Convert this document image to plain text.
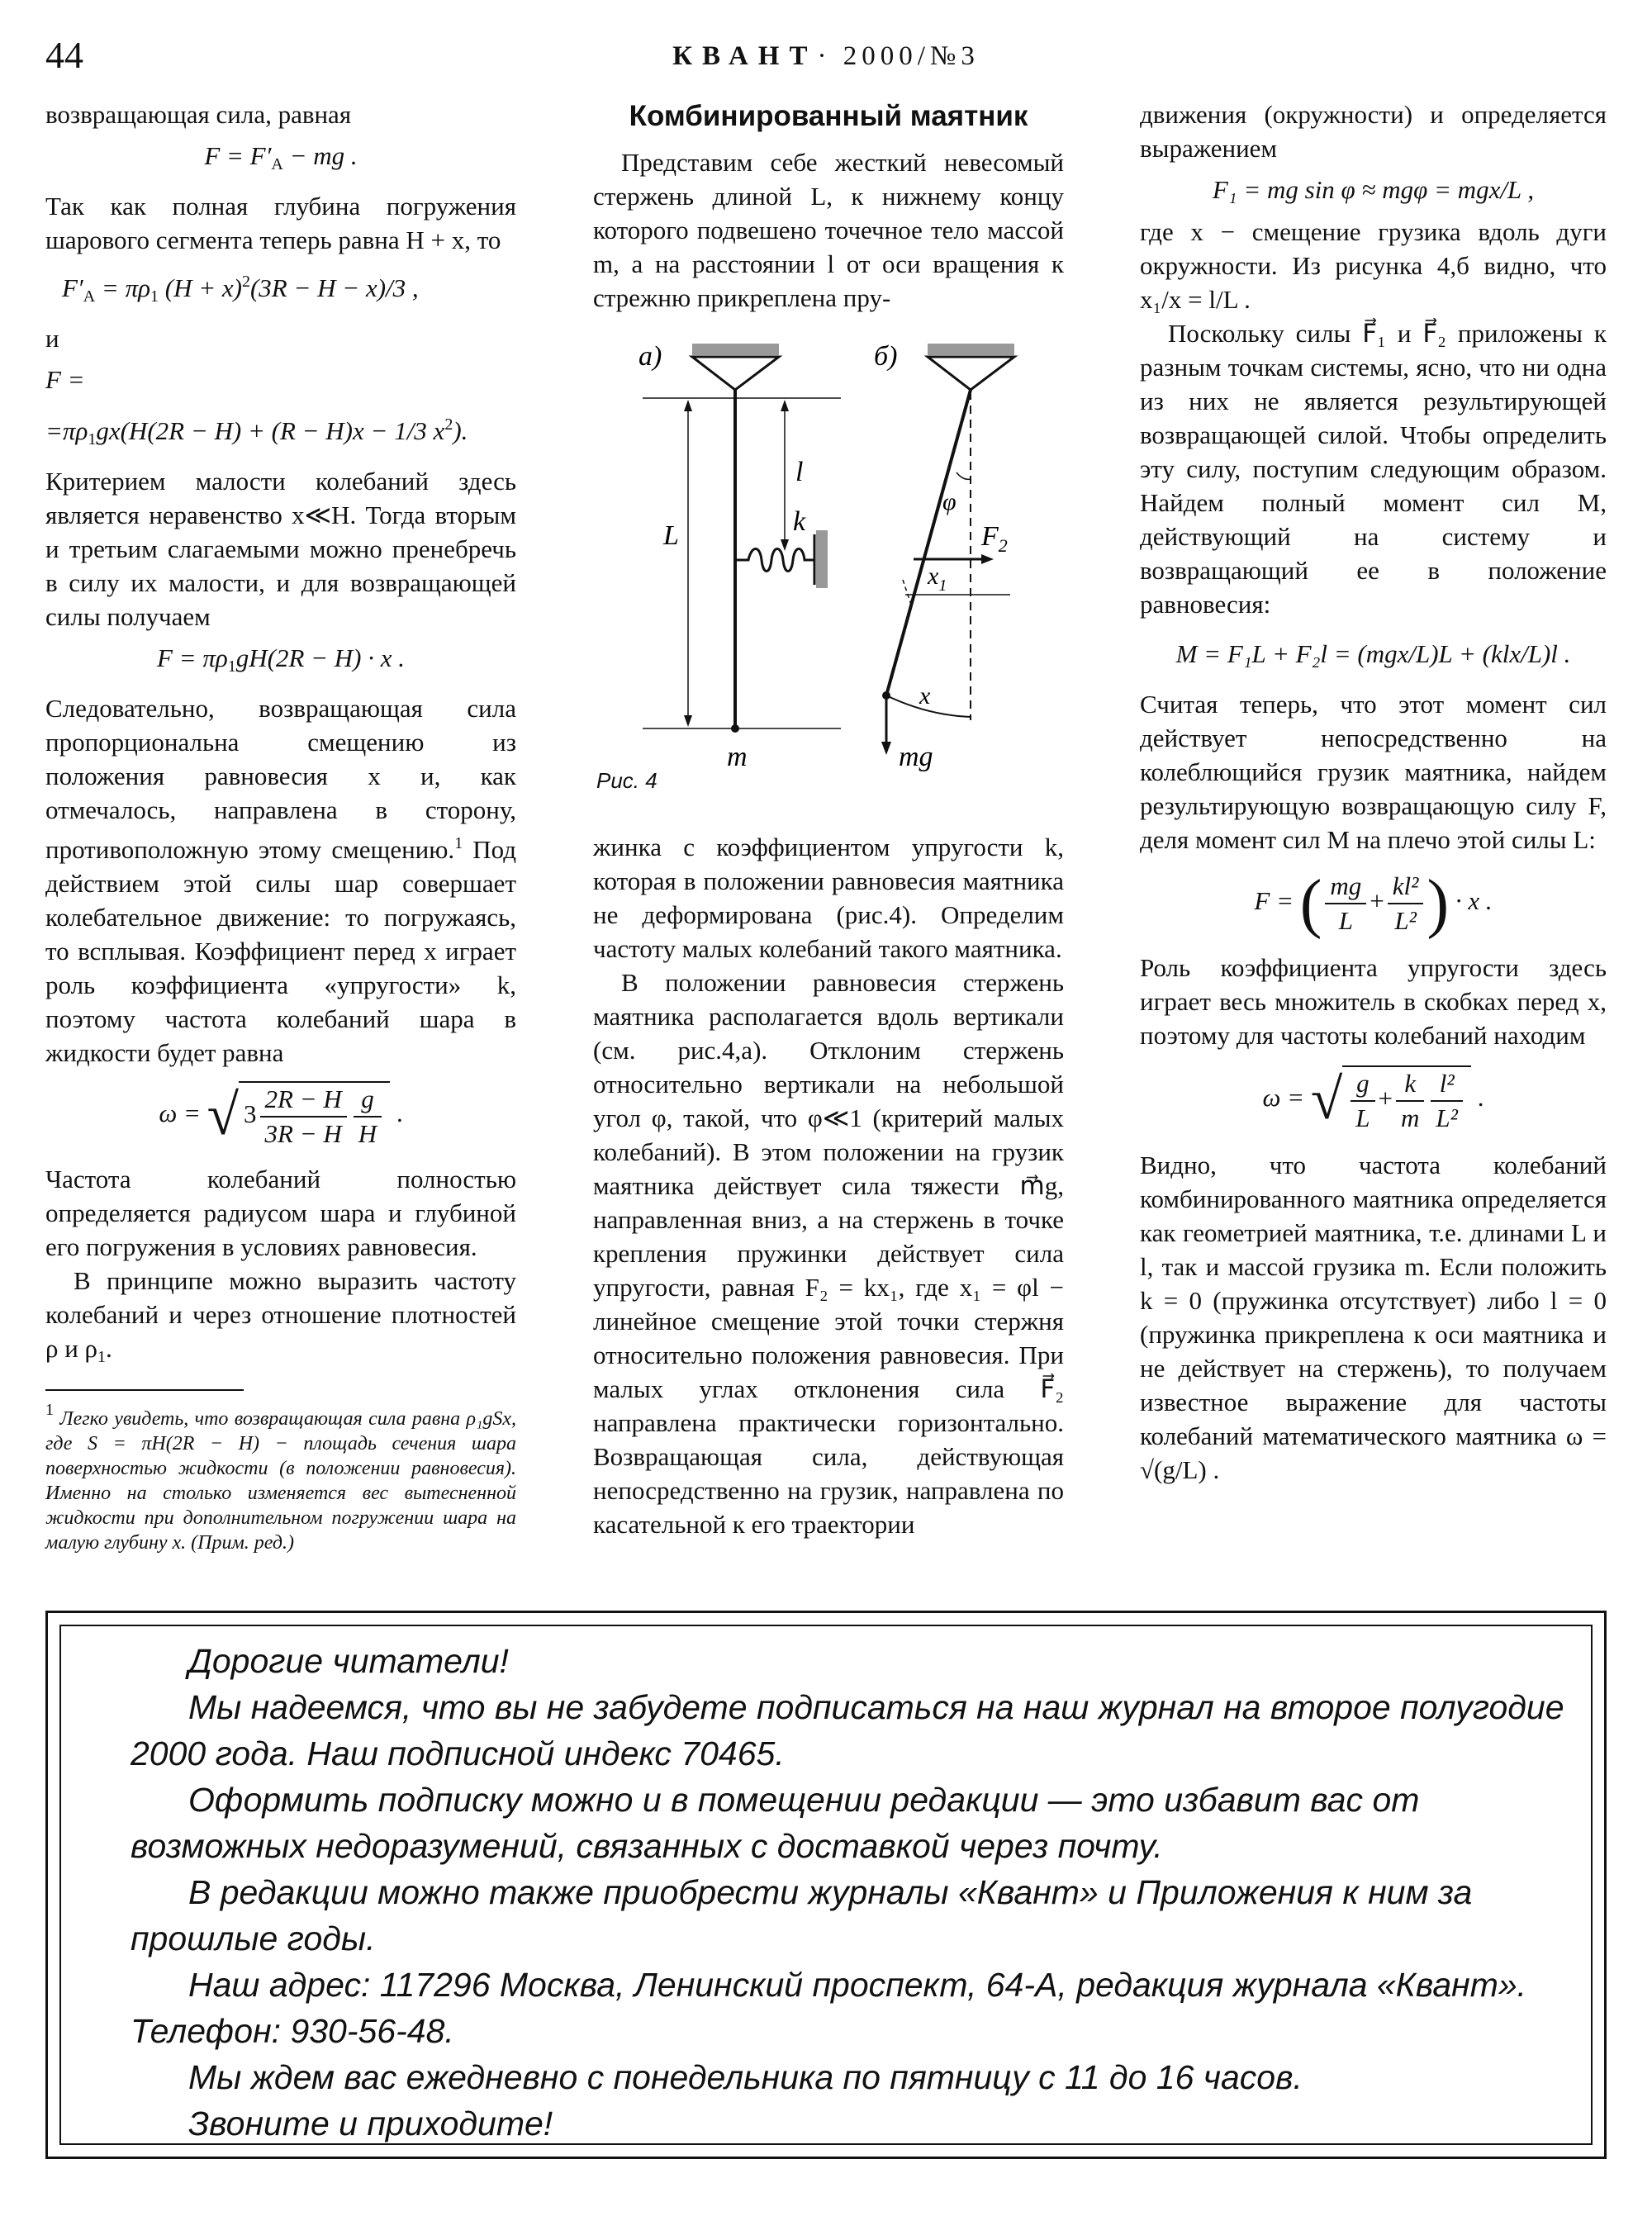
44	КВАНТ· 2000/№3

возвращающая сила, равная

$F = F'_А$ − mg .

Так как полная глубина погружения шарового сегмента теперь равна H + x, то

$F'_А = \pi\rho_1$ $(H + x)^2(3R - H - x)/3$ ,

и

F =
$=\pi\rho_1gx(H(2R - H) + (R - H)x - 1/3$ $x^2$).

Критерием малости колебаний здесь является неравенство x≪H. Тогда вторым и третьим слагаемыми можно пренебречь в силу их малости, и для возвращающей силы получаем

$F = \pi\rho_1gH(2R - H) \cdot x$ .

Следовательно, возвращающая сила пропорциональна смещению из положения равновесия x и, как отмечалось, направлена в сторону, противоположную этому смещению.$^1$ Под действием этой силы шар совершает колебательное движение: то погружаясь, то всплывая. Коэффициент перед x играет роль коэффициента «упругости» k, поэтому частота колебаний шара в жидкости будет равна

ω = √ $3 \frac{2R - H}{3R - H} \frac{g}{H}$ .

Частота колебаний полностью определяется радиусом шара и глубиной его погружения в условиях равновесия.

В принципе можно выразить частоту колебаний и через отношение плотностей ρ и $\rho_1$.

$^1$ Легко увидеть, что возвращающая сила равна ρ₁gSx, где S = πH(2R − H) − площадь сечения шара поверхностью жидкости (в положении равновесия). Именно на столько изменяется вес вытесненной жидкости при дополнительном погружении шара на малую глубину x. (Прим. ред.)
Комбинированный маятник

Представим себе жесткий невесомый стержень длиной L, к нижнему концу которого подвешено точечное тело массой m, а на расстоянии l от оси вращения к стрежню прикреплена пру-

а)
L
l
k
m
б)
φ
$F_2$
$x_1$
x
mg
Рис. 4

жинка с коэффициентом упругости k, которая в положении равновесия маятника не деформирована (рис.4). Определим частоту малых колебаний такого маятника.

В положении равновесия стержень маятника располагается вдоль вертикали (см. рис.4,а). Отклоним стержень относительно вертикали на небольшой угол φ, такой, что φ≪1 (критерий малых колебаний). В этом положении на грузик маятника действует сила тяжести m⃗g, направленная вниз, а на стержень в точке крепления пружинки действует сила упругости, равная F₂ = kx₁, где x₁ = φl − линейное смещение этой точки стержня относительно положения равновесия. При малых углах отклонения сила F⃗₂ направлена практически горизонтально. Возвращающая сила, действующая непосредственно на грузик, направлена по касательной к его траектории

движения (окружности) и определяется выражением

F₁ = mg sin φ ≈ mgφ = mgx/L ,

где x − смещение грузика вдоль дуги окружности. Из рисунка 4,б видно, что x₁/x = l/L .

Поскольку силы F⃗₁ и F⃗₂ приложены к разным точкам системы, ясно, что ни одна из них не является результирующей возвращающей силой. Чтобы определить эту силу, поступим следующим образом. Найдем полный момент сил M, действующий на систему и возвращающий ее в положение равновесия:

M = F₁L + F₂l = (mgx/L)L + (klx/L)l .

Считая теперь, что этот момент сил действует непосредственно на колеблющийся грузик маятника, найдем результирующую возвращающую силу F, деля момент сил M на плечо этой силы L:

F = ( $\frac{mg}{L} + \frac{\text{kl²}}{\text{L²}}$ ) · x .

Роль коэффициента упругости здесь играет весь множитель в скобках перед x, поэтому для частоты колебаний находим

ω = √ $\frac{g}{L} + \frac{k}{m} \frac{\text{l²}}{\text{L²}}$ .

Видно, что частота колебаний комбинированного маятника определяется как геометрией маятника, т.е. длинами L и l, так и массой грузика m. Если положить k = 0 (пружинка отсутствует) либо l = 0 (пружинка прикреплена к оси маятника и не действует на стержень), то получаем известное выражение для частоты колебаний математического маятника ω = √(g/L) .

Дорогие читатели!

Мы надеемся, что вы не забудете подписаться на наш журнал на второе полугодие 2000 года. Наш подписной индекс 70465.

Оформить подписку можно и в помещении редакции — это избавит вас от возможных недоразумений, связанных с доставкой через почту.

В редакции можно также приобрести журналы «Квант» и Приложения к ним за прошлые годы.

Наш адрес: 117296 Москва, Ленинский проспект, 64-А, редакция журнала «Квант». Телефон: 930-56-48.

Мы ждем вас ежедневно с понедельника по пятницу с 11 до 16 часов.

Звоните и приходите!
